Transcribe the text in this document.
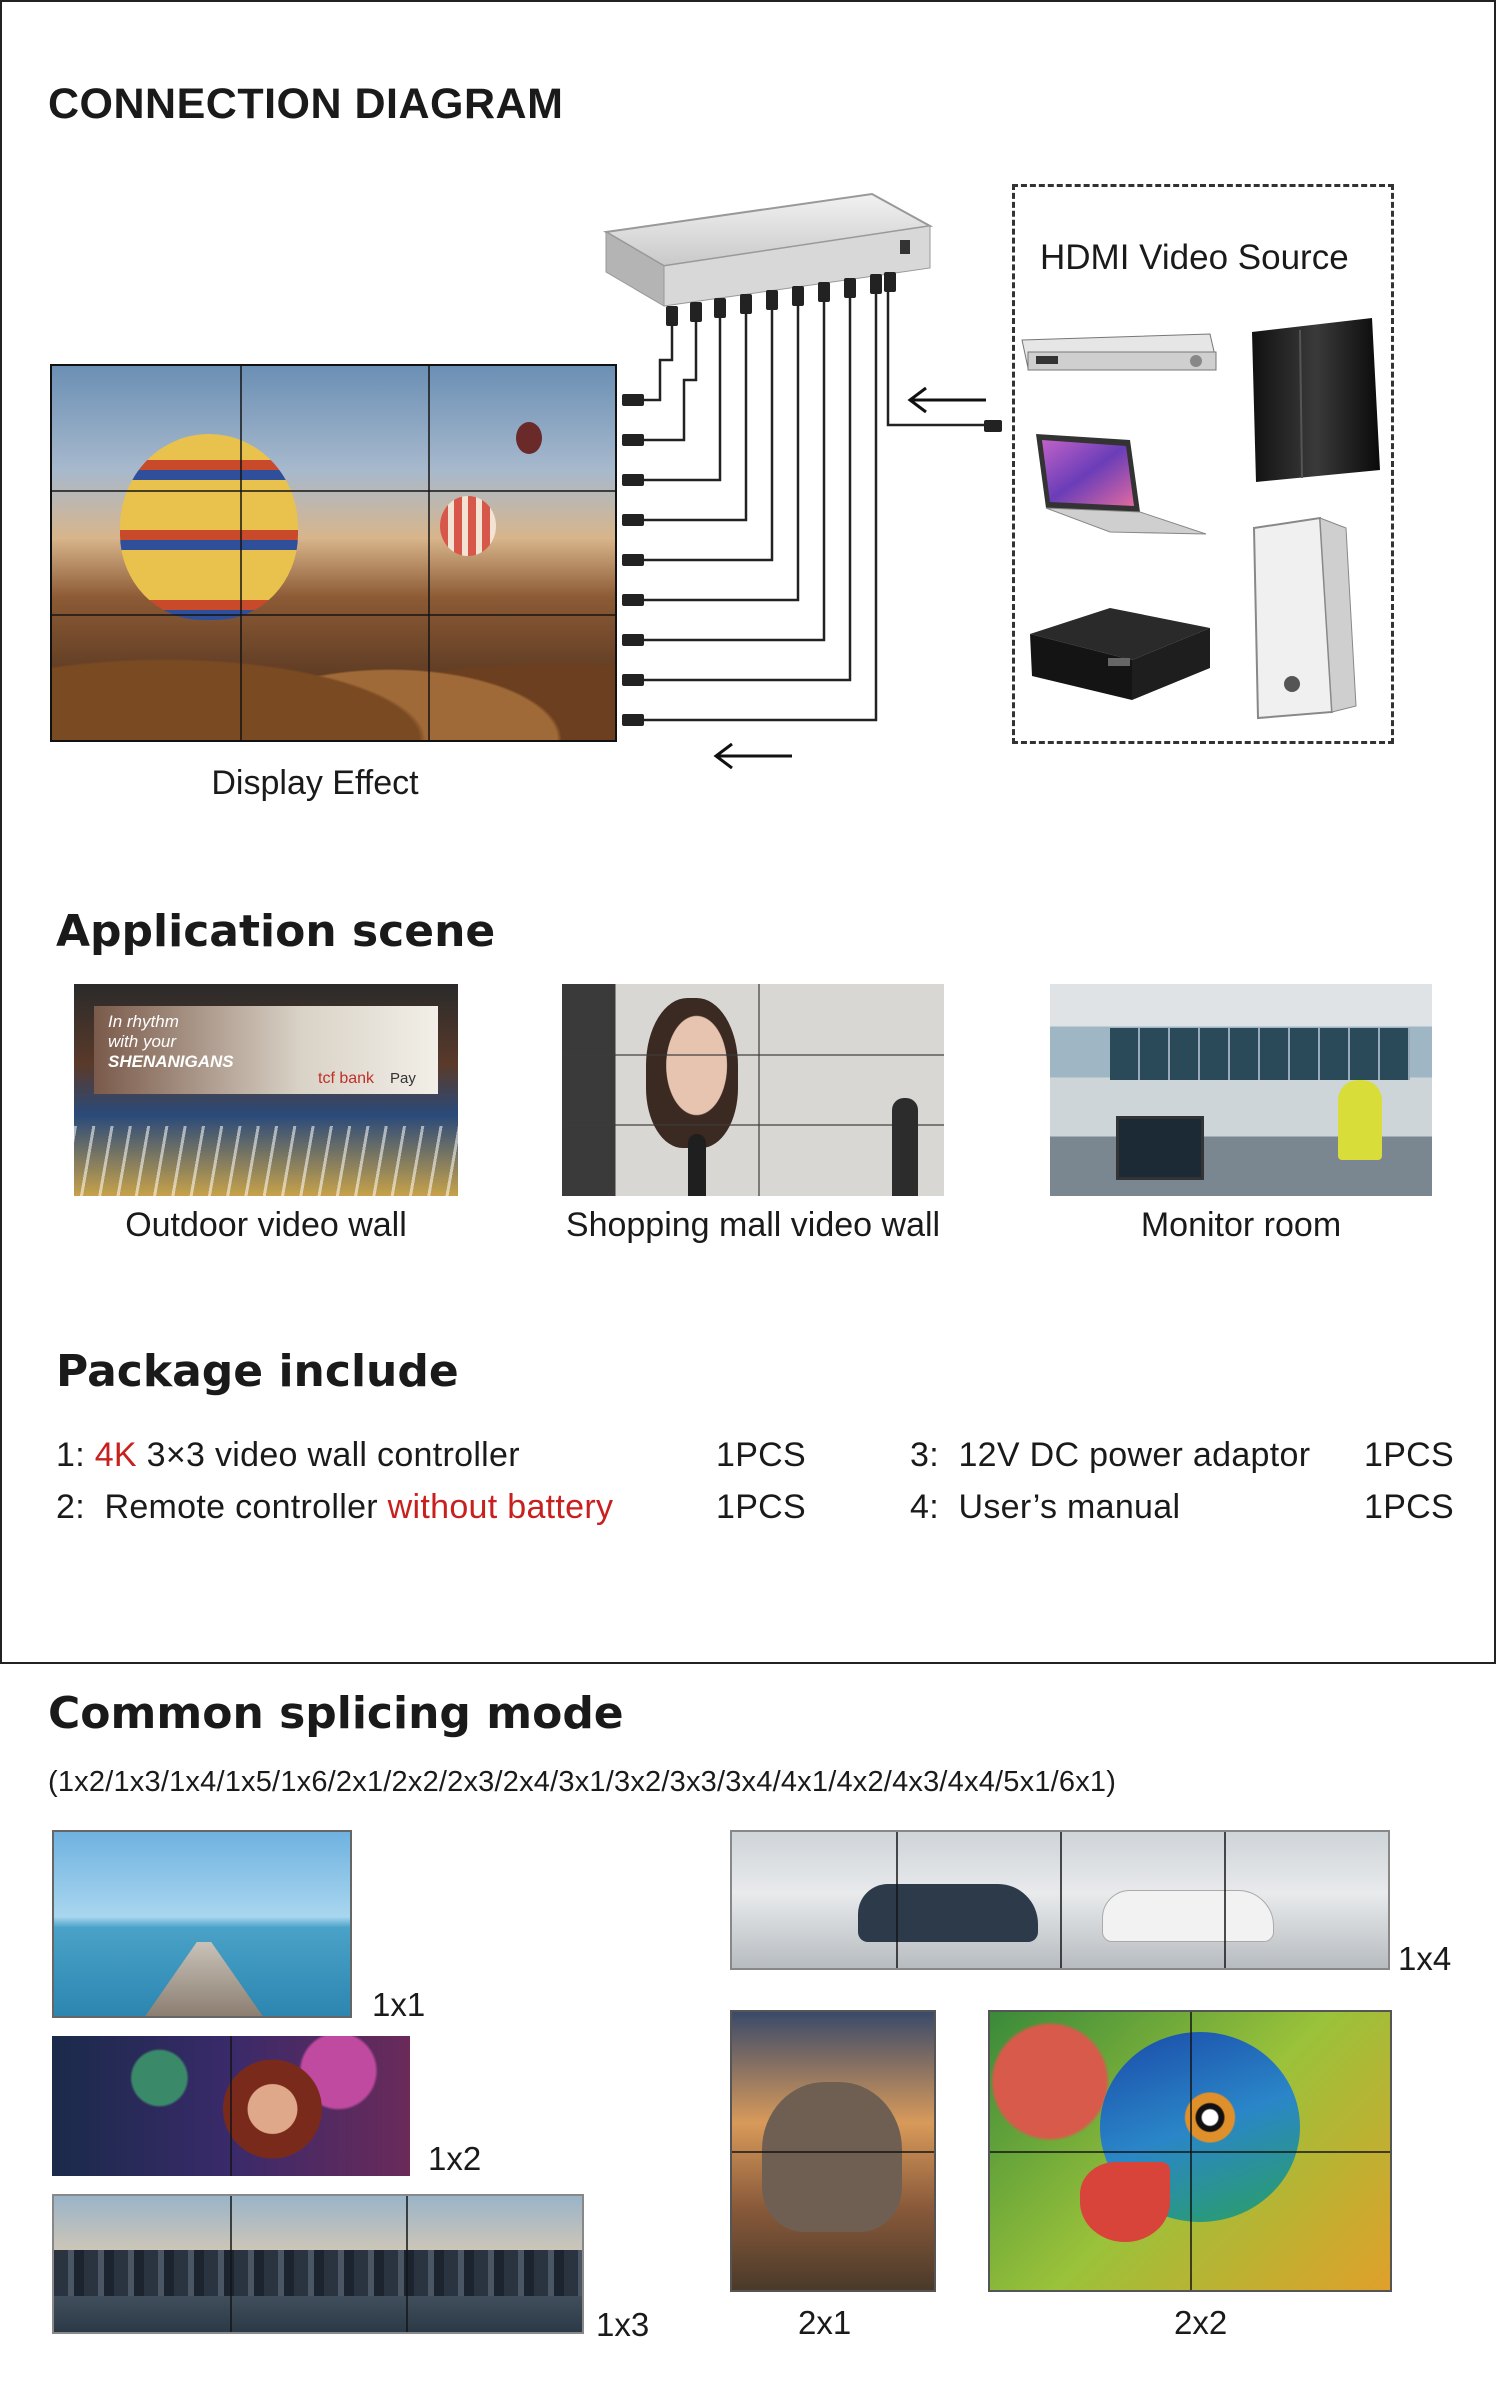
CONNECTION DIAGRAM
HDMI Video Source
Display Effect
Application scene
In rhythm
with your
SHENANIGANS
tcf bank Pay
Outdoor video wall	Shopping mall video wall	Monitor room
Package include
1: 4K 3×3 video wall controller	1PCS
2: Remote controller without battery	1PCS
3: 12V DC power adaptor 1PCS
4: User’s manual	1PCS
Common splicing mode
(1x2/1x3/1x4/1x5/1x6/2x1/2x2/2x3/2x4/3x1/3x2/3x3/3x4/4x1/4x2/4x3/4x4/5x1/6x1)
1x1
1x2
1x3
1x4
2x1	2x2
